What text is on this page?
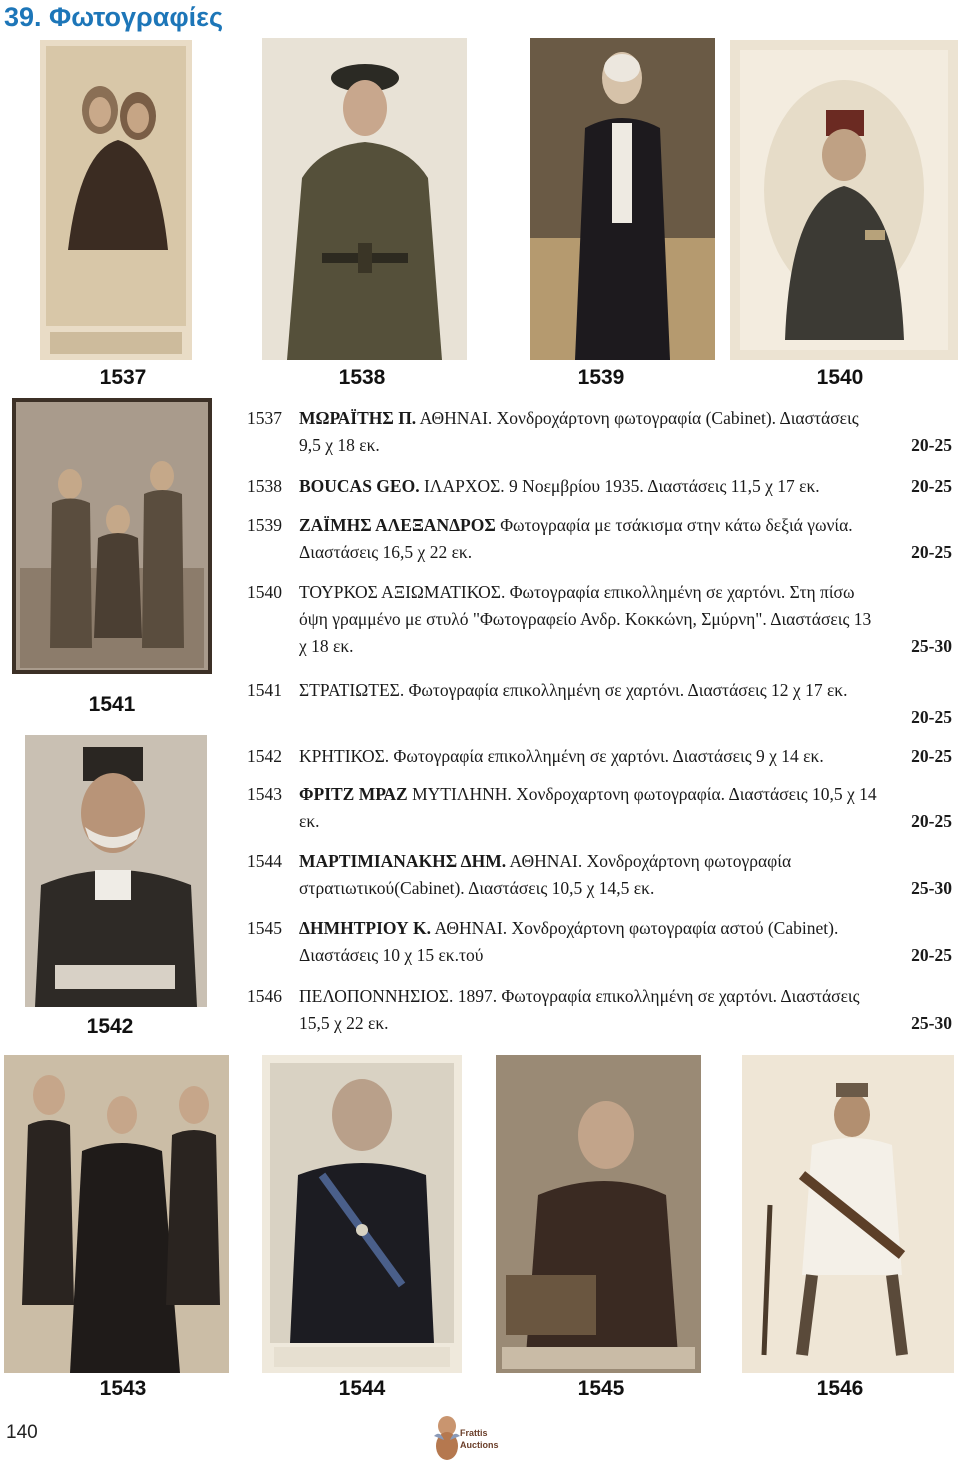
39. Φωτογραφίες
1537	1538	1539	1540
1541
1542
1537 ΜΩΡΑΪΤΗΣ Π. ΑΘΗΝΑΙ. Χονδροχάρτονη φωτογραφία (Cabinet). Διαστάσεις
9,5 χ 18 εκ.	20-25
1538 BOUCAS GEO. ΙΛΑΡΧΟΣ. 9 Νοεμβρίου 1935. Διαστάσεις 11,5 χ 17 εκ.	20-25
1539 ΖΑΪΜΗΣ ΑΛΕΞΑΝΔΡΟΣ Φωτογραφία με τσάκισμα στην κάτω δεξιά γωνία.
Διαστάσεις 16,5 χ 22 εκ.	20-25
1540 ΤΟΥΡΚΟΣ ΑΞΙΩΜΑΤΙΚΟΣ. Φωτογραφία επικολλημένη σε χαρτόνι. Στη πίσω
όψη γραμμένο με στυλό "Φωτογραφείο Ανδρ. Κοκκώνη, Σμύρνη". Διαστάσεις 13
χ 18 εκ.	25-30
1541 ΣΤΡΑΤΙΩΤΕΣ. Φωτογραφία επικολλημένη σε χαρτόνι. Διαστάσεις 12 χ 17 εκ.
20-25
1542 ΚΡΗΤΙΚΟΣ. Φωτογραφία επικολλημένη σε χαρτόνι. Διαστάσεις 9 χ 14 εκ.	20-25
1543 ΦΡΙΤΖ ΜΡΑΖ ΜΥΤΙΛΗΝΗ. Χονδροχαρτονη φωτογραφία. Διαστάσεις 10,5 χ 14
εκ.	20-25
1544 ΜΑΡΤΙΜΙΑΝΑΚΗΣ ΔΗΜ. ΑΘΗΝΑΙ. Χονδροχάρτονη φωτογραφία
στρατιωτικού(Cabinet). Διαστάσεις 10,5 χ 14,5 εκ.	25-30
1545 ΔΗΜΗΤΡΙΟΥ Κ. ΑΘΗΝΑΙ. Χονδροχάρτονη φωτογραφία αστού (Cabinet).
Διαστάσεις 10 χ 15 εκ.τού	20-25
1546 ΠΕΛΟΠΟΝΝΗΣΙΟΣ. 1897. Φωτογραφία επικολλημένη σε χαρτόνι. Διαστάσεις
15,5 χ 22 εκ.	25-30
1543	1544	1545	1546
140	Frattis
Auctions
